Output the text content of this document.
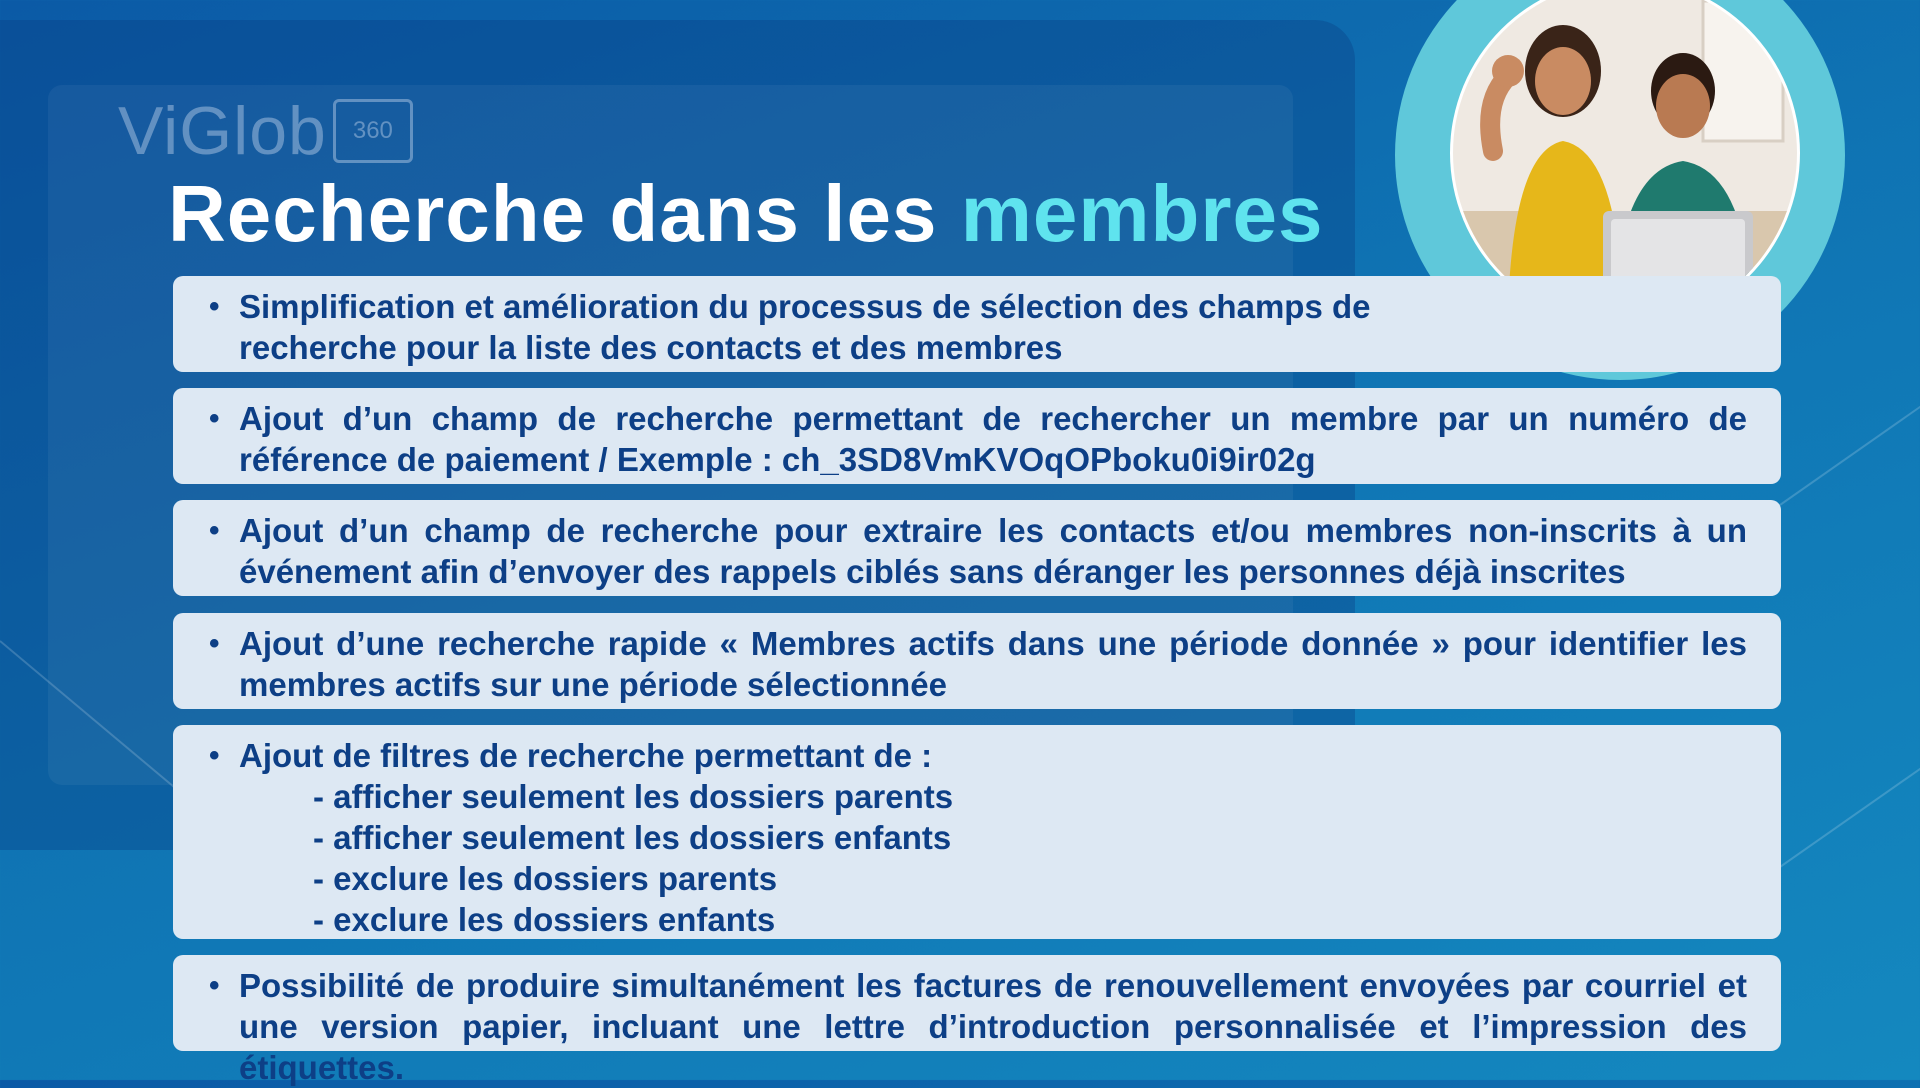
ViGlob 360
Recherche dans les membres
• Simplification et amélioration du processus de sélection des champs de recherche pour la liste des contacts et des membres
• Ajout d’un champ de recherche permettant de rechercher un membre par un numéro de référence de paiement / Exemple : ch_3SD8VmKVOqOPboku0i9ir02g
• Ajout d’un champ de recherche pour extraire les contacts et/ou membres non-inscrits à un événement afin d’envoyer des rappels ciblés sans déranger les personnes déjà inscrites
• Ajout d’une recherche rapide « Membres actifs dans une période donnée » pour identifier les membres actifs sur une période sélectionnée
• Ajout de filtres de recherche permettant de :
- afficher seulement les dossiers parents
- afficher seulement les dossiers enfants
- exclure les dossiers parents
- exclure les dossiers enfants
• Possibilité de produire simultanément les factures de renouvellement envoyées par courriel et une version papier, incluant une lettre d’introduction personnalisée et l’impression des étiquettes.
